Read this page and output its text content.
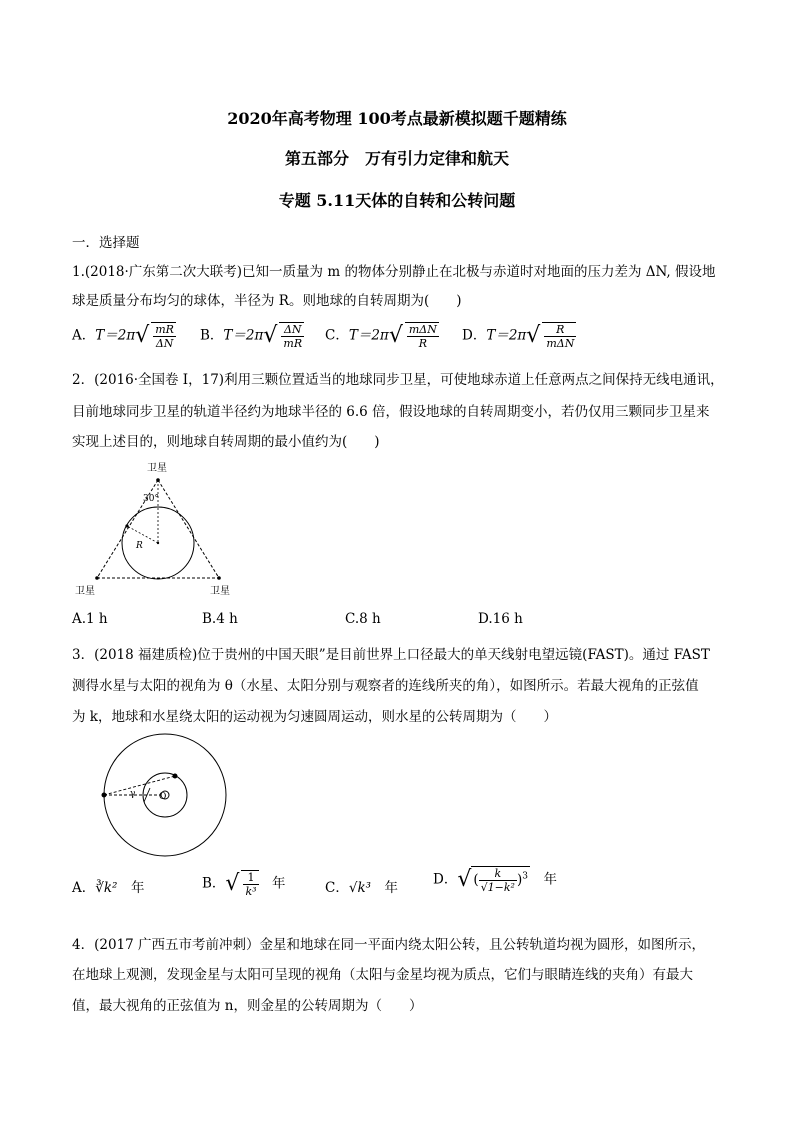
2020年高考物理 100考点最新模拟题千题精练
第五部分　万有引力定律和航天
专题 5.11天体的自转和公转问题
一．选择题
1.(2018·广东第二次大联考)已知一质量为 m 的物体分别静止在北极与赤道时对地面的压力差为 ΔN, 假设地
球是质量分布均匀的球体，半径为 R。则地球的自转周期为(　　)
A．$T=2\pi√ \frac{mR}{\Delta N}$ B．$T=2\pi√ \frac{\Delta N}{mR}$ C．$T=2\pi√ \frac{\text{mΔN}}{R}$ D．$T=2\pi√ \frac{R}{\text{mΔN}}$
2．(2016·全国卷 I，17)利用三颗位置适当的地球同步卫星，可使地球赤道上任意两点之间保持无线电通讯，
目前地球同步卫星的轨道半径约为地球半径的 6.6 倍，假设地球的自转周期变小，若仍仅用三颗同步卫星来
实现上述目的，则地球自转周期的最小值约为(　　)
卫星
卫星	卫星
30°
R
A.1 h	B.4 h	C.8 h	D.16 h
3．(2018 福建质检)位于贵州的中国天眼”是目前世界上口径最大的单天线射电望远镜(FAST)。通过 FAST
测得水星与太阳的视角为 θ（水星、太阳分别与观察者的连线所夹的角），如图所示。若最大视角的正弦值
为 k，地球和水星绕太阳的运动视为匀速圆周运动，则水星的公转周期为（　　）
γ	O
A．∛k²　 年	B．√ $\frac{1}{\text{k³}}$
　 年	C．√k³　 年
D．√ ( $\frac{k}{\text{√1−k²}} )^3$　 年
4．(2017 广西五市考前冲刺）金星和地球在同一平面内绕太阳公转，且公转轨道均视为圆形，如图所示，
在地球上观测，发现金星与太阳可呈现的视角（太阳与金星均视为质点，它们与眼睛连线的夹角）有最大
值，最大视角的正弦值为 n，则金星的公转周期为（　　）
